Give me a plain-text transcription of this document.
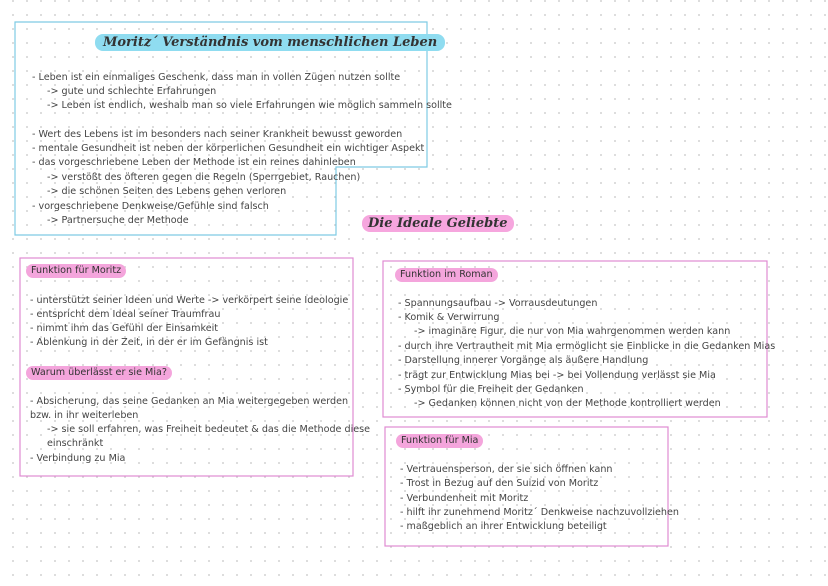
Moritz´ Verständnis vom menschlichen Leben
- Leben ist ein einmaliges Geschenk, dass man in vollen Zügen nutzen sollte
-> gute und schlechte Erfahrungen
-> Leben ist endlich, weshalb man so viele Erfahrungen wie möglich sammeln sollte
- Wert des Lebens ist im besonders nach seiner Krankheit bewusst geworden
- mentale Gesundheit ist neben der körperlichen Gesundheit ein wichtiger Aspekt
- das vorgeschriebene Leben der Methode ist ein reines dahinleben
-> verstößt des öfteren gegen die Regeln (Sperrgebiet, Rauchen)
-> die schönen Seiten des Lebens gehen verloren
- vorgeschriebene Denkweise/Gefühle sind falsch
-> Partnersuche der Methode	Die Ideale Geliebte
Funktion für Moritz
- unterstützt seiner Ideen und Werte -> verkörpert seine Ideologie
- entspricht dem Ideal seiner Traumfrau
- nimmt ihm das Gefühl der Einsamkeit
- Ablenkung in der Zeit, in der er im Gefängnis ist
Warum überlässt er sie Mia?
- Absicherung, das seine Gedanken an Mia weitergegeben werden
bzw. in ihr weiterleben
-> sie soll erfahren, was Freiheit bedeutet & das die Methode diese
einschränkt
- Verbindung zu Mia
Funktion im Roman
- Spannungsaufbau -> Vorrausdeutungen
- Komik & Verwirrung
-> imaginäre Figur, die nur von Mia wahrgenommen werden kann
- durch ihre Vertrautheit mit Mia ermöglicht sie Einblicke in die Gedanken Mias
- Darstellung innerer Vorgänge als äußere Handlung
- trägt zur Entwicklung Mias bei -> bei Vollendung verlässt sie Mia
- Symbol für die Freiheit der Gedanken
-> Gedanken können nicht von der Methode kontrolliert werden
Funktion für Mia
- Vertrauensperson, der sie sich öffnen kann
- Trost in Bezug auf den Suizid von Moritz
- Verbundenheit mit Moritz
- hilft ihr zunehmend Moritz´ Denkweise nachzuvollziehen
- maßgeblich an ihrer Entwicklung beteiligt
